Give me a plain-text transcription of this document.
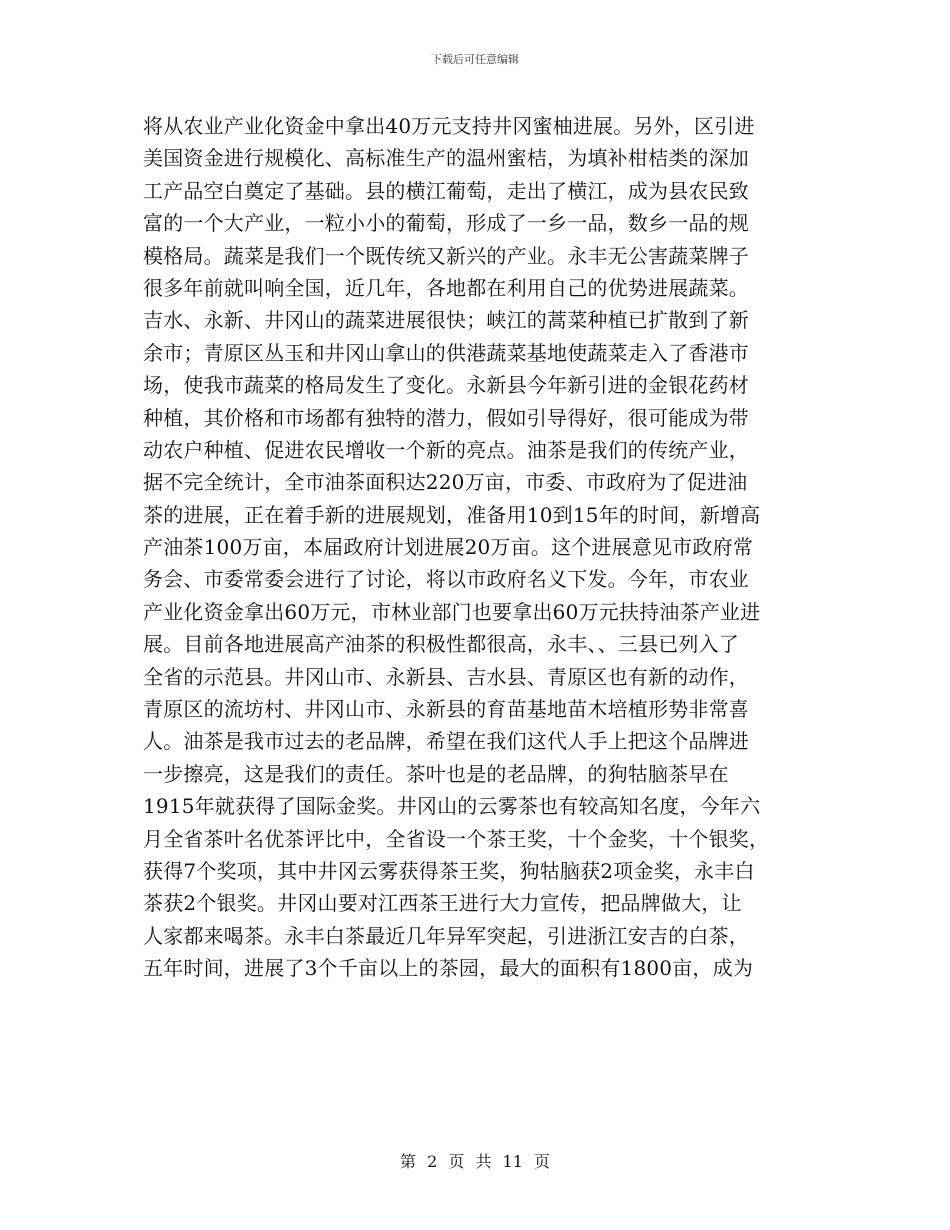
下载后可任意编辑
将从农业产业化资金中拿出40万元支持井冈蜜柚进展。另外，区引进
美国资金进行规模化、高标准生产的温州蜜桔，为填补柑桔类的深加
工产品空白奠定了基础。县的横江葡萄，走出了横江，成为县农民致
富的一个大产业，一粒小小的葡萄，形成了一乡一品，数乡一品的规
模格局。蔬菜是我们一个既传统又新兴的产业。永丰无公害蔬菜牌子
很多年前就叫响全国，近几年，各地都在利用自己的优势进展蔬菜。
吉水、永新、井冈山的蔬菜进展很快；峡江的蒿菜种植已扩散到了新
余市；青原区丛玉和井冈山拿山的供港蔬菜基地使蔬菜走入了香港市
场，使我市蔬菜的格局发生了变化。永新县今年新引进的金银花药材
种植，其价格和市场都有独特的潜力，假如引导得好，很可能成为带
动农户种植、促进农民增收一个新的亮点。油茶是我们的传统产业，
据不完全统计，全市油茶面积达220万亩，市委、市政府为了促进油
茶的进展，正在着手新的进展规划，准备用10到15年的时间，新增高
产油茶100万亩，本届政府计划进展20万亩。这个进展意见市政府常
务会、市委常委会进行了讨论，将以市政府名义下发。今年，市农业
产业化资金拿出60万元，市林业部门也要拿出60万元扶持油茶产业进
展。目前各地进展高产油茶的积极性都很高，永丰、、三县已列入了
全省的示范县。井冈山市、永新县、吉水县、青原区也有新的动作，
青原区的流坊村、井冈山市、永新县的育苗基地苗木培植形势非常喜
人。油茶是我市过去的老品牌，希望在我们这代人手上把这个品牌进
一步擦亮，这是我们的责任。茶叶也是的老品牌，的狗牯脑茶早在
1915年就获得了国际金奖。井冈山的云雾茶也有较高知名度，今年六
月全省茶叶名优茶评比中，全省设一个茶王奖，十个金奖，十个银奖，
获得7个奖项，其中井冈云雾获得茶王奖，狗牯脑获2项金奖，永丰白
茶获2个银奖。井冈山要对江西茶王进行大力宣传，把品牌做大，让
人家都来喝茶。永丰白茶最近几年异军突起，引进浙江安吉的白茶，
五年时间，进展了3个千亩以上的茶园，最大的面积有1800亩，成为
第 2 页 共 11 页
